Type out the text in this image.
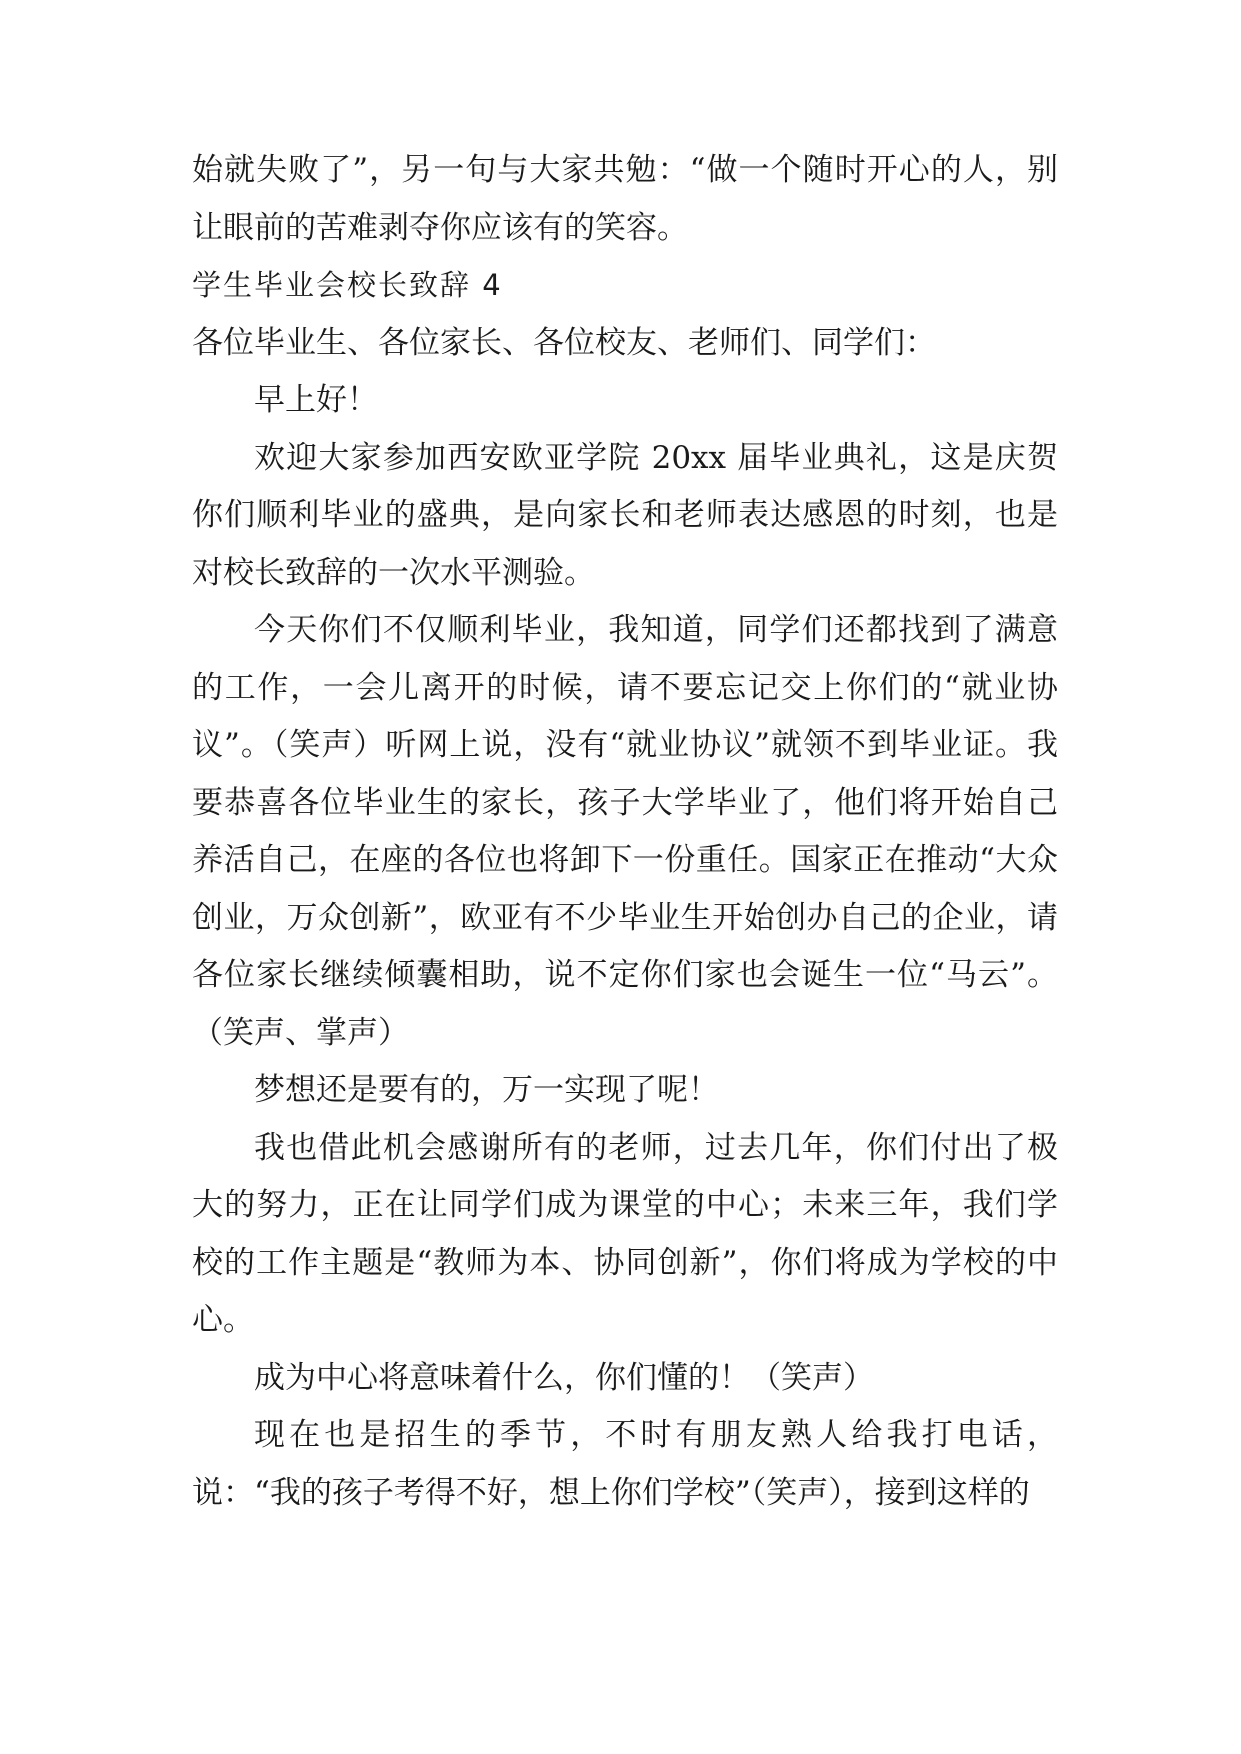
始就失败了”，另一句与大家共勉：“做一个随时开心的人，别让眼前的苦难剥夺你应该有的笑容。

学生毕业会校长致辞 4

各位毕业生、各位家长、各位校友、老师们、同学们：

早上好！

欢迎大家参加西安欧亚学院 20xx 届毕业典礼，这是庆贺你们顺利毕业的盛典，是向家长和老师表达感恩的时刻，也是对校长致辞的一次水平测验。

今天你们不仅顺利毕业，我知道，同学们还都找到了满意的工作，一会儿离开的时候，请不要忘记交上你们的“就业协议”。（笑声）听网上说，没有“就业协议”就领不到毕业证。我要恭喜各位毕业生的家长，孩子大学毕业了，他们将开始自己养活自己，在座的各位也将卸下一份重任。国家正在推动“大众创业，万众创新”，欧亚有不少毕业生开始创办自己的企业，请各位家长继续倾囊相助，说不定你们家也会诞生一位“马云”。（笑声、掌声）

梦想还是要有的，万一实现了呢！

我也借此机会感谢所有的老师，过去几年，你们付出了极大的努力，正在让同学们成为课堂的中心；未来三年，我们学校的工作主题是“教师为本、协同创新”，你们将成为学校的中心。

成为中心将意味着什么，你们懂的！（笑声）

现在也是招生的季节，不时有朋友熟人给我打电话，说：“我的孩子考得不好，想上你们学校”（笑声），接到这样的
